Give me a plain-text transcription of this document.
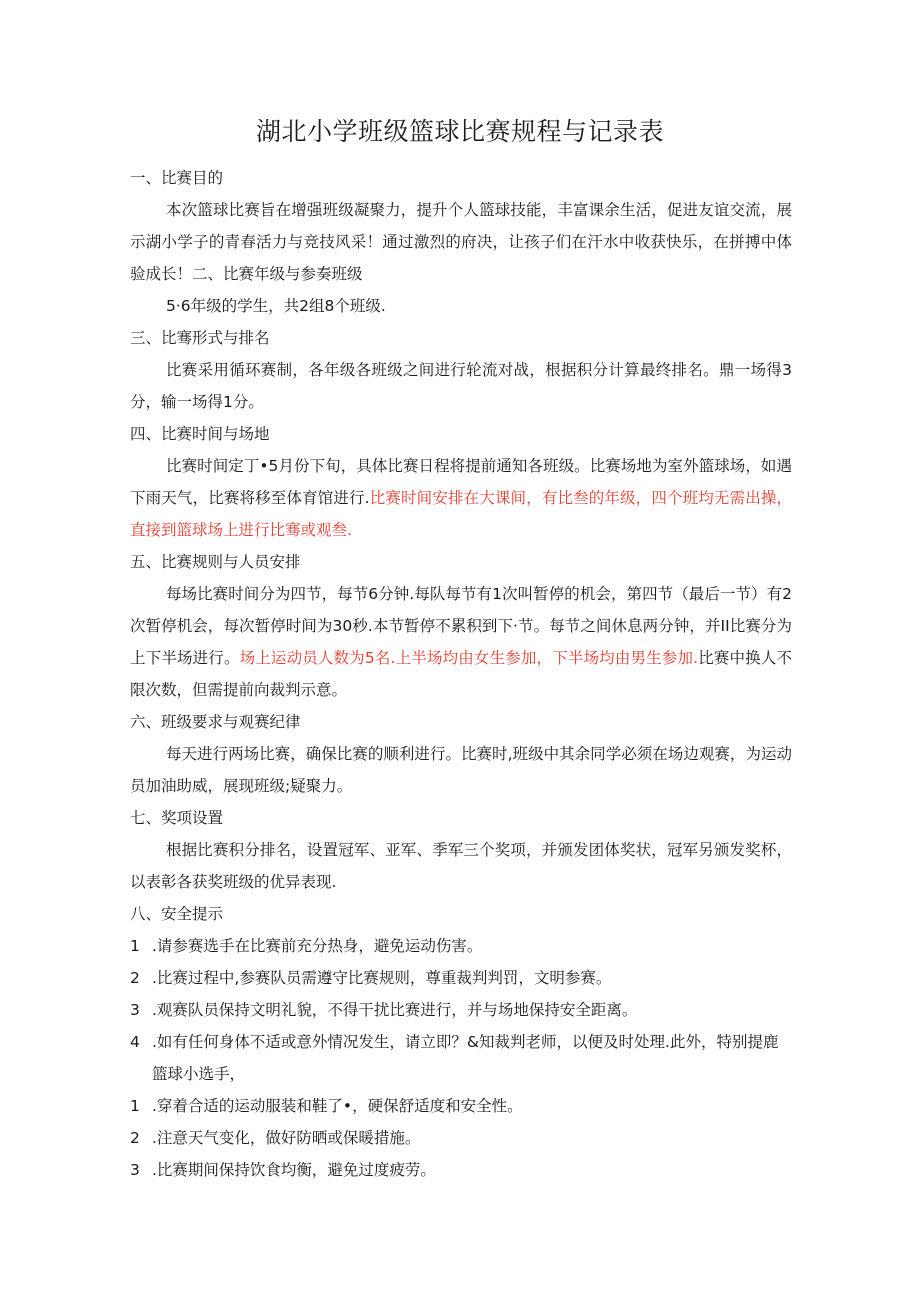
湖北小学班级篮球比赛规程与记录表

一、比赛目的

本次篮球比赛旨在增强班级凝聚力，提升个人篮球技能，丰富课余生活，促进友谊交流，展示湖小学子的青春活力与竞技风采！通过激烈的府决，让孩子们在汗水中收获快乐，在拼搏中体验成长！二、比赛年级与参奏班级

5·6年级的学生，共2组8个班级.

三、比骞形式与排名

比赛采用循环赛制，各年级各班级之间进行轮流对战，根据积分计算最终排名。鼎一场得3分，输一场得1分。

四、比赛时间与场地

比赛时间定丁•5月份下旬，具体比赛日程将提前通知各班级。比赛场地为室外篮球场，如遇下雨天气，比赛将移至体育馆进行.比赛时间安排在大课间，有比叁的年级，四个班均无需出操，直接到篮球场上进行比骞或观叁.

五、比赛规则与人员安排

每场比赛时间分为四节，每节6分钟.每队每节有1次叫暂停的机会，第四节（最后一节）有2次暂停机会，每次暂停时间为30秒.本节暂停不累积到下·节。每节之间休息两分钟，并II比赛分为上下半场进行。场上运动员人数为5名.上半场均由女生参加，下半场均由男生参加.比赛中换人不限次数，但需提前向裁判示意。

六、班级要求与观赛纪律

每天进行两场比赛，确保比赛的顺利进行。比赛时,班级中其余同学必须在场边观赛，为运动员加油助威，展现班级;疑聚力。

七、奖项设置

根据比赛积分排名，设置冠军、亚军、季军三个奖项，并颁发团体奖状，冠军另颁发奖杯，以表彰各获奖班级的优异表现.

八、安全提示

1 .请参赛选手在比赛前充分热身，避免运动伤害。
2 .比赛过程中,参赛队员需遵守比赛规则，尊重裁判判罚，文明参赛。
3 .观赛队员保持文明礼貌，不得干扰比赛进行，并与场地保持安全距离。
4 .如有任何身体不适或意外情况发生，请立即？&知裁判老师，以便及时处理.此外，特别提鹿篮球小选手，
1 .穿着合适的运动服装和鞋了•，硬保舒适度和安全性。
2 .注意天气变化，做好防晒或保暖措施。
3 .比赛期间保持饮食均衡，避免过度疲劳。
